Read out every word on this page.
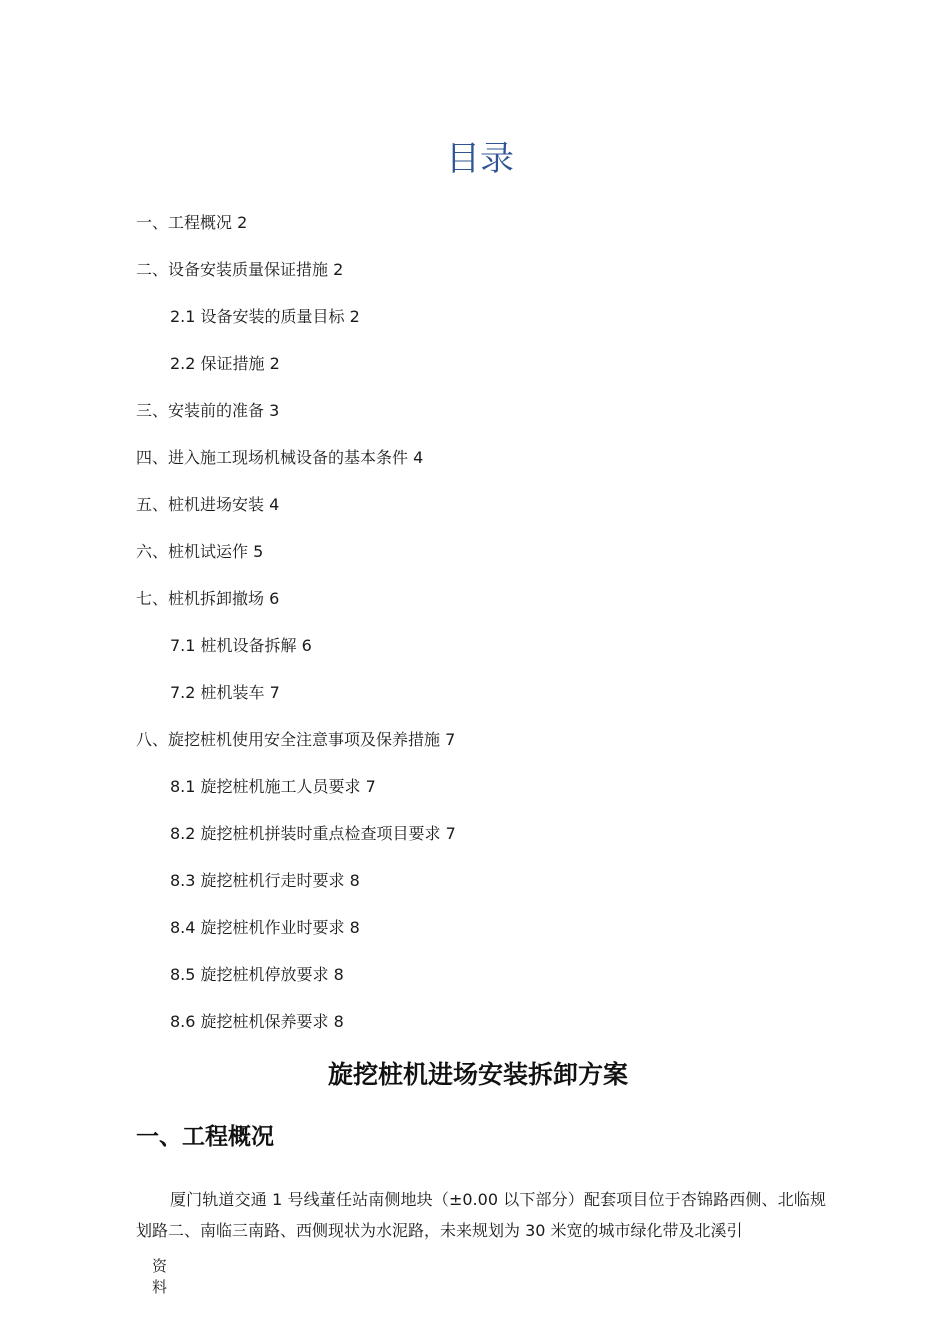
目录
一、工程概况 2
二、设备安装质量保证措施 2
2.1 设备安装的质量目标 2
2.2 保证措施 2
三、安装前的准备 3
四、进入施工现场机械设备的基本条件 4
五、桩机进场安装 4
六、桩机试运作 5
七、桩机拆卸撤场 6
7.1 桩机设备拆解 6
7.2 桩机装车 7
八、旋挖桩机使用安全注意事项及保养措施 7
8.1 旋挖桩机施工人员要求 7
8.2 旋挖桩机拼装时重点检查项目要求 7
8.3 旋挖桩机行走时要求 8
8.4 旋挖桩机作业时要求 8
8.5 旋挖桩机停放要求 8
8.6 旋挖桩机保养要求 8
旋挖桩机进场安装拆卸方案
一、工程概况

厦门轨道交通 1 号线董任站南侧地块（±0.00 以下部分）配套项目位于杏锦路西侧、北临规划路二、南临三南路、西侧现状为水泥路，未来规划为 30 米宽的城市绿化带及北溪引

资料
